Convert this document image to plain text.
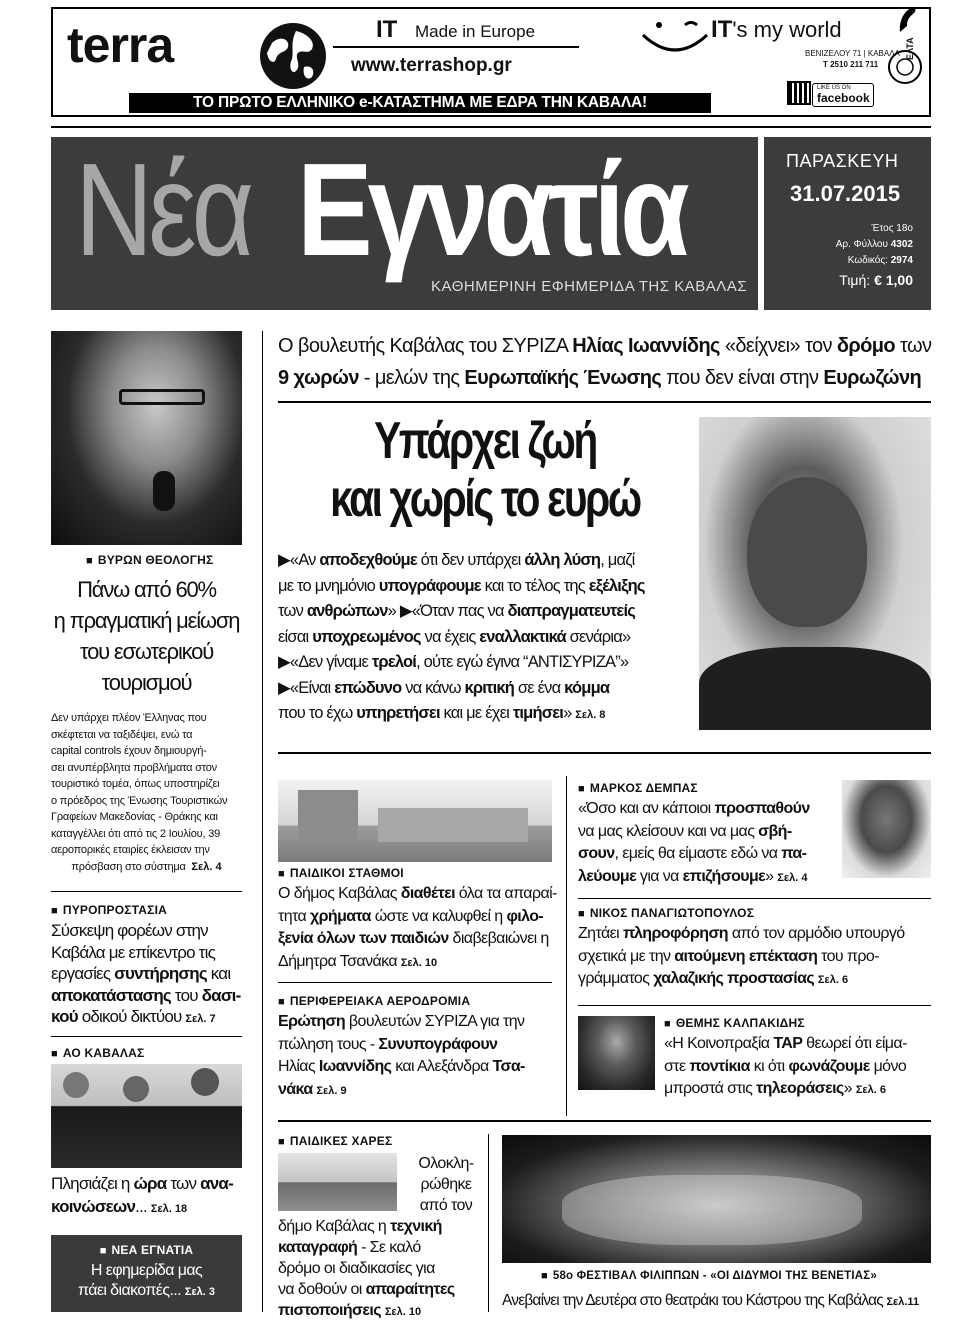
terra	IT Made in Europe
www.terrashop.gr
IT's my world
ΒΕΝΙΖΕΛΟΥ 71 | ΚΑΒΑΛΑ
T 2510 211 711
LIKE US ON
facebook
ΤΟ ΠΡΩΤΟ ΕΛΛΗΝΙΚΟ e-ΚΑΤΑΣΤΗΜΑ ΜΕ ΕΔΡΑ ΤΗΝ ΚΑΒΑΛΑ!
ΕΛΤΑ
Νέα Εγνατία
ΚΑΘΗΜΕΡΙΝΗ ΕΦΗΜΕΡΙΔΑ ΤΗΣ ΚΑΒΑΛΑΣ
ΠΑΡΑΣΚΕΥΗ
31.07.2015
Έτος 18ο
Αρ. Φύλλου 4302
Κωδικός: 2974
Τιμή: € 1,00
■ ΒΥΡΩΝ ΘΕΟΛΟΓΗΣ
Πάνω από 60%
η πραγματική μείωση
του εσωτερικού
τουρισμού
Δεν υπάρχει πλέον Έλληνας που
σκέφτεται να ταξιδέψει, ενώ τα
capital controls έχουν δημιουργή-
σει ανυπέρβλητα προβλήματα στον
τουριστικό τομέα, όπως υποστηρίζει
ο πρόεδρος της Ένωσης Τουριστικών
Γραφείων Μακεδονίας - Θράκης και
καταγγέλλει ότι από τις 2 Ιουλίου, 39
αεροπορικές εταιρίες έκλεισαν την
πρόσβαση στο σύστημα Σελ. 4
■ ΠΥΡΟΠΡΟΣΤΑΣΙΑ
Σύσκεψη φορέων στην
Καβάλα με επίκεντρο τις
εργασίες συντήρησης και
αποκατάστασης του δασι-
κού οδικού δικτύου Σελ. 7
■ ΑΟ ΚΑΒΑΛΑΣ
Πλησιάζει η ώρα των ανα-
κοινώσεων... Σελ. 18
■ ΝΕΑ ΕΓΝΑΤΙΑ
Η εφημερίδα μας
πάει διακοπές... Σελ. 3
Ο βουλευτής Καβάλας του ΣΥΡΙΖΑ Ηλίας Ιωαννίδης «δείχνει» τον δρόμο των
9 χωρών - μελών της Ευρωπαϊκής Ένωσης που δεν είναι στην Ευρωζώνη
Υπάρχει ζωή
και χωρίς το ευρώ
▶«Αν αποδεχθούμε ότι δεν υπάρχει άλλη λύση, μαζί
με το μνημόνιο υπογράφουμε και το τέλος της εξέλιξης
των ανθρώπων» ▶«Όταν πας να διαπραγματευτείς
είσαι υποχρεωμένος να έχεις εναλλακτικά σενάρια»
▶«Δεν γίναμε τρελοί, ούτε εγώ έγινα “ΑΝΤΙΣΥΡΙΖΑ”»
▶«Είναι επώδυνο να κάνω κριτική σε ένα κόμμα
που το έχω υπηρετήσει και με έχει τιμήσει» Σελ. 8
■ ΠΑΙΔΙΚΟΙ ΣΤΑΘΜΟΙ
Ο δήμος Καβάλας διαθέτει όλα τα απαραί-
τητα χρήματα ώστε να καλυφθεί η φιλο-
ξενία όλων των παιδιών διαβεβαιώνει η
Δήμητρα Τσανάκα Σελ. 10
■ ΠΕΡΙΦΕΡΕΙΑΚΑ ΑΕΡΟΔΡΟΜΙΑ
Ερώτηση βουλευτών ΣΥΡΙΖΑ για την
πώληση τους - Συνυπογράφουν
Ηλίας Ιωαννίδης και Αλεξάνδρα Τσα-
νάκα Σελ. 9
■ ΜΑΡΚΟΣ ΔΕΜΠΑΣ
«Όσο και αν κάποιοι προσπαθούν
να μας κλείσουν και να μας σβή-
σουν, εμείς θα είμαστε εδώ να πα-
λεύουμε για να επιζήσουμε» Σελ. 4
■ ΝΙΚΟΣ ΠΑΝΑΓΙΩΤΟΠΟΥΛΟΣ
Ζητάει πληροφόρηση από τον αρμόδιο υπουργό
σχετικά με την αιτούμενη επέκταση του προ-
γράμματος χαλαζικής προστασίας Σελ. 6
■ ΘΕΜΗΣ ΚΑΛΠΑΚΙΔΗΣ
«Η Κοινοπραξία TAP θεωρεί ότι είμα-
στε ποντίκια κι ότι φωνάζουμε μόνο
μπροστά στις τηλεοράσεις» Σελ. 6
■ ΠΑΙΔΙΚΕΣ ΧΑΡΕΣ
Ολοκλη-
ρώθηκε
από τον
δήμο Καβάλας η τεχνική
καταγραφή - Σε καλό
δρόμο οι διαδικασίες για
να δοθούν οι απαραίτητες
πιστοποιήσεις Σελ. 10
■ 58ο ΦΕΣΤΙΒΑΛ ΦΙΛΙΠΠΩΝ - «ΟΙ ΔΙΔΥΜΟΙ ΤΗΣ ΒΕΝΕΤΙΑΣ»
Ανεβαίνει την Δευτέρα στο θεατράκι του Κάστρου της Καβάλας Σελ.11
